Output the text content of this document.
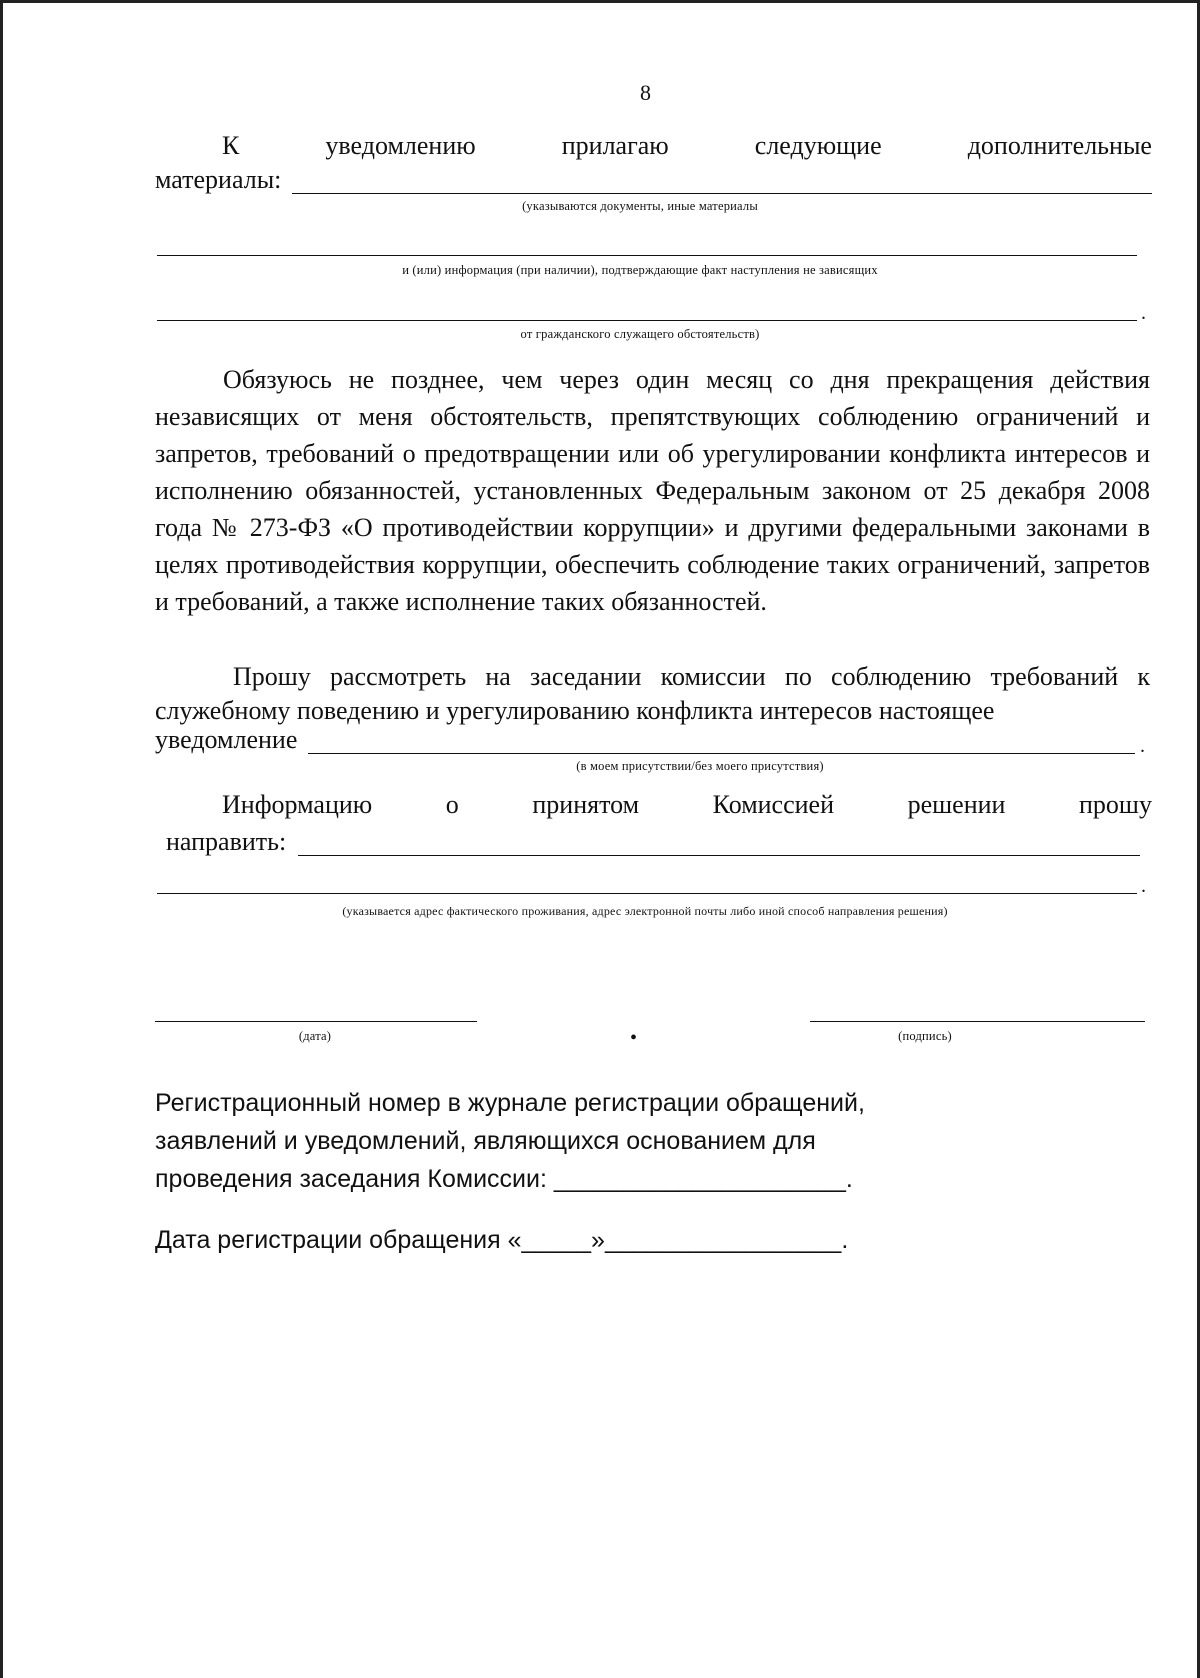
8
К	уведомлению	прилагаю	следующие	дополнительные
материалы:
(указываются документы, иные материалы
и (или) информация (при наличии), подтверждающие факт наступления не зависящих
.
от гражданского служащего обстоятельств)
Обязуюсь не позднее, чем через один месяц со дня прекращения действия независящих от меня обстоятельств, препятствующих соблюдению ограничений и запретов, требований о предотвращении или об урегулировании конфликта интересов и исполнению обязанностей, установленных Федеральным законом от 25 декабря 2008 года № 273-ФЗ «О противодействии коррупции» и другими федеральными законами в целях противодействия коррупции, обеспечить соблюдение таких ограничений, запретов и требований, а также исполнение таких обязанностей.
Прошу рассмотреть на заседании комиссии по соблюдению требований к служебному поведению и урегулированию конфликта интересов настоящее
уведомление	.
(в моем присутствии/без моего присутствия)
Информацию	о	принятом	Комиссией	решении	прошу
направить:
.
(указывается адрес фактического проживания, адрес электронной почты либо иной способ направления решения)
(дата)	•	(подпись)
Регистрационный номер в журнале регистрации обращений,
заявлений и уведомлений, являющихся основанием для
проведения заседания Комиссии: _____________________.
Дата регистрации обращения «_____»_________________.
